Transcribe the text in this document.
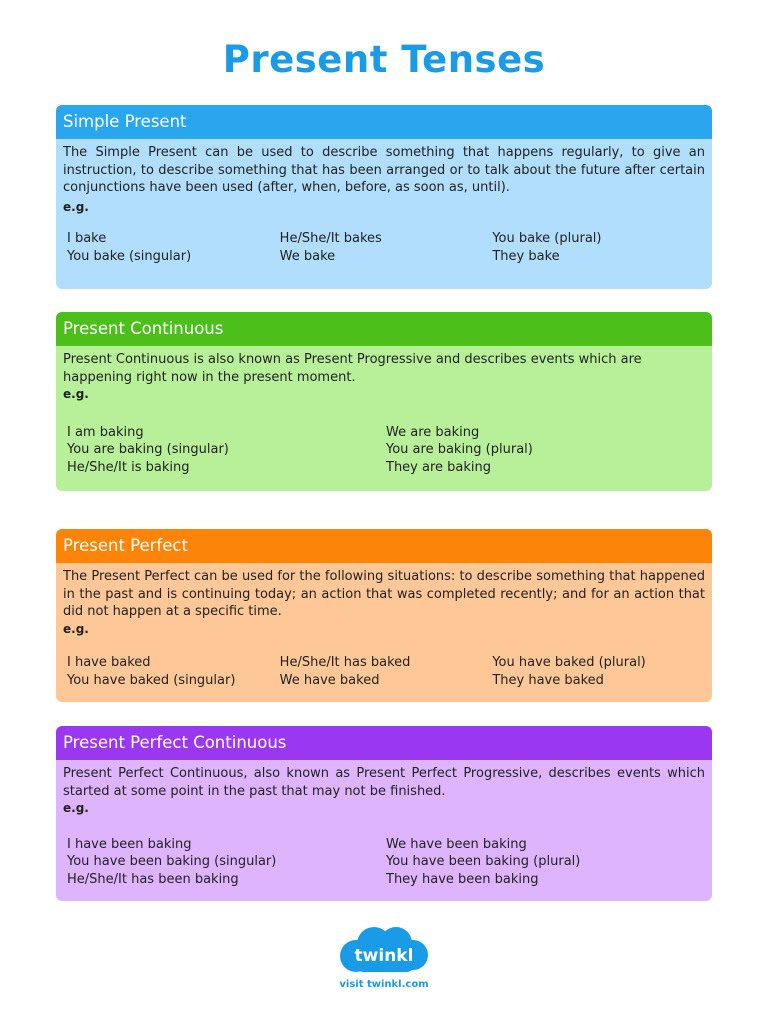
Present Tenses
Simple Present

The Simple Present can be used to describe something that happens regularly, to give an instruction, to describe something that has been arranged or to talk about the future after certain conjunctions have been used (after, when, before, as soon as, until).

e.g.

I bake
You bake (singular)
He/She/It bakes
We bake
You bake (plural)
They bake
Present Continuous

Present Continuous is also known as Present Progressive and describes events which are happening right now in the present moment.

e.g.

I am baking
You are baking (singular)
He/She/It is baking
We are baking
You are baking (plural)
They are baking
Present Perfect

The Present Perfect can be used for the following situations: to describe something that happened in the past and is continuing today; an action that was completed recently; and for an action that did not happen at a specific time.

e.g.

I have baked
You have baked (singular)
He/She/It has baked
We have baked
You have baked (plural)
They have baked
Present Perfect Continuous

Present Perfect Continuous, also known as Present Perfect Progressive, describes events which started at some point in the past that may not be finished.

e.g.

I have been baking
You have been baking (singular)
He/She/It has been baking
We have been baking
You have been baking (plural)
They have been baking
twinkl
visit twinkl.com
